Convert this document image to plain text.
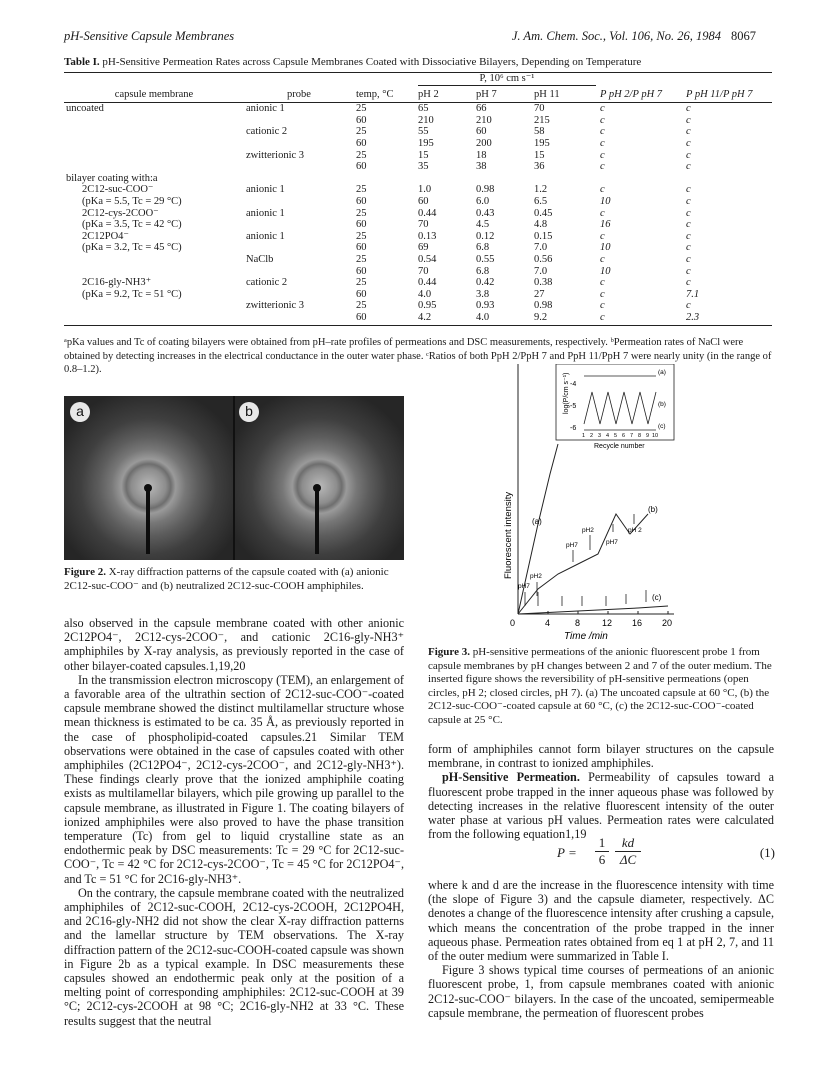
pH-Sensitive Capsule Membranes	J. Am. Chem. Soc., Vol. 106, No. 26, 1984 8067
Table I. pH-Sensitive Permeation Rates across Capsule Membranes Coated with Dissociative Bilayers, Depending on Temperature

			P, 10⁶ cm s⁻¹				

capsule membrane	probe	temp, °C	pH 2	pH 7	pH 11	P pH 2/P pH 7	P pH 11/P pH 7
uncoated	anionic 1	25	65	66	70	c	c
		60	210	210	215	c	c
	cationic 2	25	55	60	58	c	c
		60	195	200	195	c	c
	zwitterionic 3	25	15	18	15	c	c
		60	35	38	36	c	c
bilayer coating with:a							
2C12-suc-COO⁻	anionic 1	25	1.0	0.98	1.2	c	c
(pKa = 5.5, Tc = 29 °C)		60	60	6.0	6.5	10	c
2C12-cys-2COO⁻	anionic 1	25	0.44	0.43	0.45	c	c
(pKa = 3.5, Tc = 42 °C)		60	70	4.5	4.8	16	c
2C12PO4⁻	anionic 1	25	0.13	0.12	0.15	c	c
(pKa = 3.2, Tc = 45 °C)		60	69	6.8	7.0	10	c
	NaClb	25	0.54	0.55	0.56	c	c
		60	70	6.8	7.0	10	c
2C16-gly-NH3⁺	cationic 2	25	0.44	0.42	0.38	c	c
(pKa = 9.2, Tc = 51 °C)		60	4.0	3.8	27	c	7.1
	zwitterionic 3	25	0.95	0.93	0.98	c	c
		60	4.2	4.0	9.2	c	2.3
ᵃpKa values and Tc of coating bilayers were obtained from pH–rate profiles of permeations and DSC measurements, respectively. ᵇPermeation rates of NaCl were obtained by detecting increases in the electrical conductance in the outer water phase. ᶜRatios of both PpH 2/PpH 7 and PpH 11/PpH 7 were nearly unity (in the range of 0.8–1.2).
a	b
Figure 2. X-ray diffraction patterns of the capsule coated with (a) anionic 2C12-suc-COO⁻ and (b) neutralized 2C12-suc-COOH amphiphiles.

also observed in the capsule membrane coated with other anionic 2C12PO4⁻, 2C12-cys-2COO⁻, and cationic 2C16-gly-NH3⁺ amphiphiles by X-ray analysis, as previously reported in the case of other bilayer-coated capsules.1,19,20

In the transmission electron microscopy (TEM), an enlargement of a favorable area of the ultrathin section of 2C12-suc-COO⁻-coated capsule membrane showed the distinct multilamellar structure whose mean thickness is estimated to be ca. 35 Å, as previously reported in the case of phospholipid-coated capsules.21 Similar TEM observations were obtained in the case of capsules coated with other amphiphiles (2C12PO4⁻, 2C12-cys-2COO⁻, and 2C12-gly-NH3⁺). These findings clearly prove that the ionized amphiphile coating exists as multilamellar bilayers, which pile growing up parallel to the capsule membrane, as illustrated in Figure 1. The coating bilayers of ionized amphiphiles were also proved to have the phase transition temperature (Tc) from gel to liquid crystalline state as an endothermic peak by DSC measurements: Tc = 29 °C for 2C12-suc-COO⁻, Tc = 42 °C for 2C12-cys-2COO⁻, Tc = 45 °C for 2C12PO4⁻, and Tc = 51 °C for 2C16-gly-NH3⁺.

On the contrary, the capsule membrane coated with the neutralized amphiphiles of 2C12-suc-COOH, 2C12-cys-2COOH, 2C12PO4H, and 2C16-gly-NH2 did not show the clear X-ray diffraction patterns and the lamellar structure by TEM observations. The X-ray diffraction pattern of the 2C12-suc-COOH-coated capsule was shown in Figure 2b as a typical example. In DSC measurements these capsules showed an endothermic peak only at the position of a melting point of corresponding amphiphiles: 2C12-suc-COOH at 39 °C; 2C12-cys-2COOH at 98 °C; 2C16-gly-NH2 at 33 °C. These results suggest that the neutral

0	4	8 12 16 20
Time /min
Fluorescent intensity
log(P/cm s⁻¹) -4
-5
-6
(a)
(b)
(c)
1 2 3 4 5 6 7 8 9 10
Recycle number
(a)
(b)
(c)
pH7
pH2
pH7
pH2
pH7
pH 2
Figure 3. pH-sensitive permeations of the anionic fluorescent probe 1 from capsule membranes by pH changes between 2 and 7 of the outer medium. The inserted figure shows the reversibility of pH-sensitive permeations (open circles, pH 2; closed circles, pH 7). (a) The uncoated capsule at 60 °C, (b) the 2C12-suc-COO⁻-coated capsule at 60 °C, (c) the 2C12-suc-COO⁻-coated capsule at 25 °C.

form of amphiphiles cannot form bilayer structures on the capsule membrane, in contrast to ionized amphiphiles.

pH-Sensitive Permeation. Permeability of capsules toward a fluorescent probe trapped in the inner aqueous phase was followed by detecting increases in the relative fluorescent intensity of the outer water phase at various pH values. Permeation rates were calculated from the following equation1,19

$P = \frac{1}{6} \frac{kd}{\Delta C}$	(1)

where k and d are the increase in the fluorescence intensity with time (the slope of Figure 3) and the capsule diameter, respectively. ΔC denotes a change of the fluorescence intensity after crushing a capsule, which means the concentration of the probe trapped in the inner aqueous phase. Permeation rates obtained from eq 1 at pH 2, 7, and 11 of the outer medium were summarized in Table I.

Figure 3 shows typical time courses of permeations of an anionic fluorescent probe, 1, from capsule membranes coated with anionic 2C12-suc-COO⁻ bilayers. In the case of the uncoated, semipermeable capsule membrane, the permeation of fluorescent probes
